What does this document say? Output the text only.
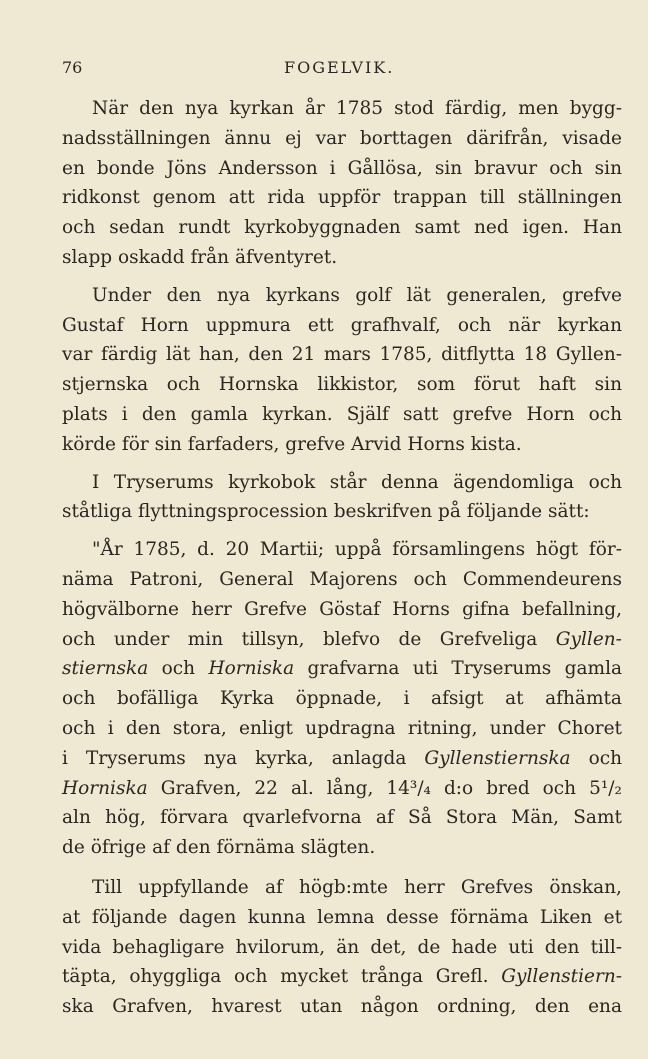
76	FOGELVIK.
När den nya kyrkan år 1785 stod färdig, men bygg-
nadsställningen ännu ej var borttagen därifrån, visade
en bonde Jöns Andersson i Gållösa, sin bravur och sin
ridkonst genom att rida uppför trappan till ställningen
och sedan rundt kyrkobyggnaden samt ned igen. Han
slapp oskadd från äfventyret.
Under den nya kyrkans golf lät generalen, grefve
Gustaf Horn uppmura ett grafhvalf, och när kyrkan
var färdig lät han, den 21 mars 1785, ditflytta 18 Gyllen-
stjernska och Hornska likkistor, som förut haft sin
plats i den gamla kyrkan. Själf satt grefve Horn och
körde för sin farfaders, grefve Arvid Horns kista.
I Tryserums kyrkobok står denna ägendomliga och
ståtliga flyttningsprocession beskrifven på följande sätt:
"År 1785, d. 20 Martii; uppå församlingens högt för-
nämа Patroni, General Majorens och Commendeurens
högvälborne herr Grefve Göstaf Horns gifna befallning,
och under min tillsyn, blefvo de Grefveliga Gyllen-
stiernska och Horniska grafvarna uti Tryserums gamla
och bofälliga Kyrka öppnade, i afsigt at afhämta
och i den stora, enligt updragna ritning, under Choret
i Tryserums nya kyrka, anlagda Gyllenstiernska och
Horniska Grafven, 22 al. lång, 14³/₄ d:o bred och 5¹/₂
aln hög, förvara qvarlefvorna af Så Stora Män, Samt
de öfrige af den förnäma slägten.
Till uppfyllande af högb:mte herr Grefves önskan,
at följande dagen kunna lemna desse förnäma Liken et
vida behagligare hvilorum, än det, de hade uti den till-
täpta, ohyggliga och mycket trånga Grefl. Gyllenstiern-
ska Grafven, hvarest utan någon ordning, den ena
